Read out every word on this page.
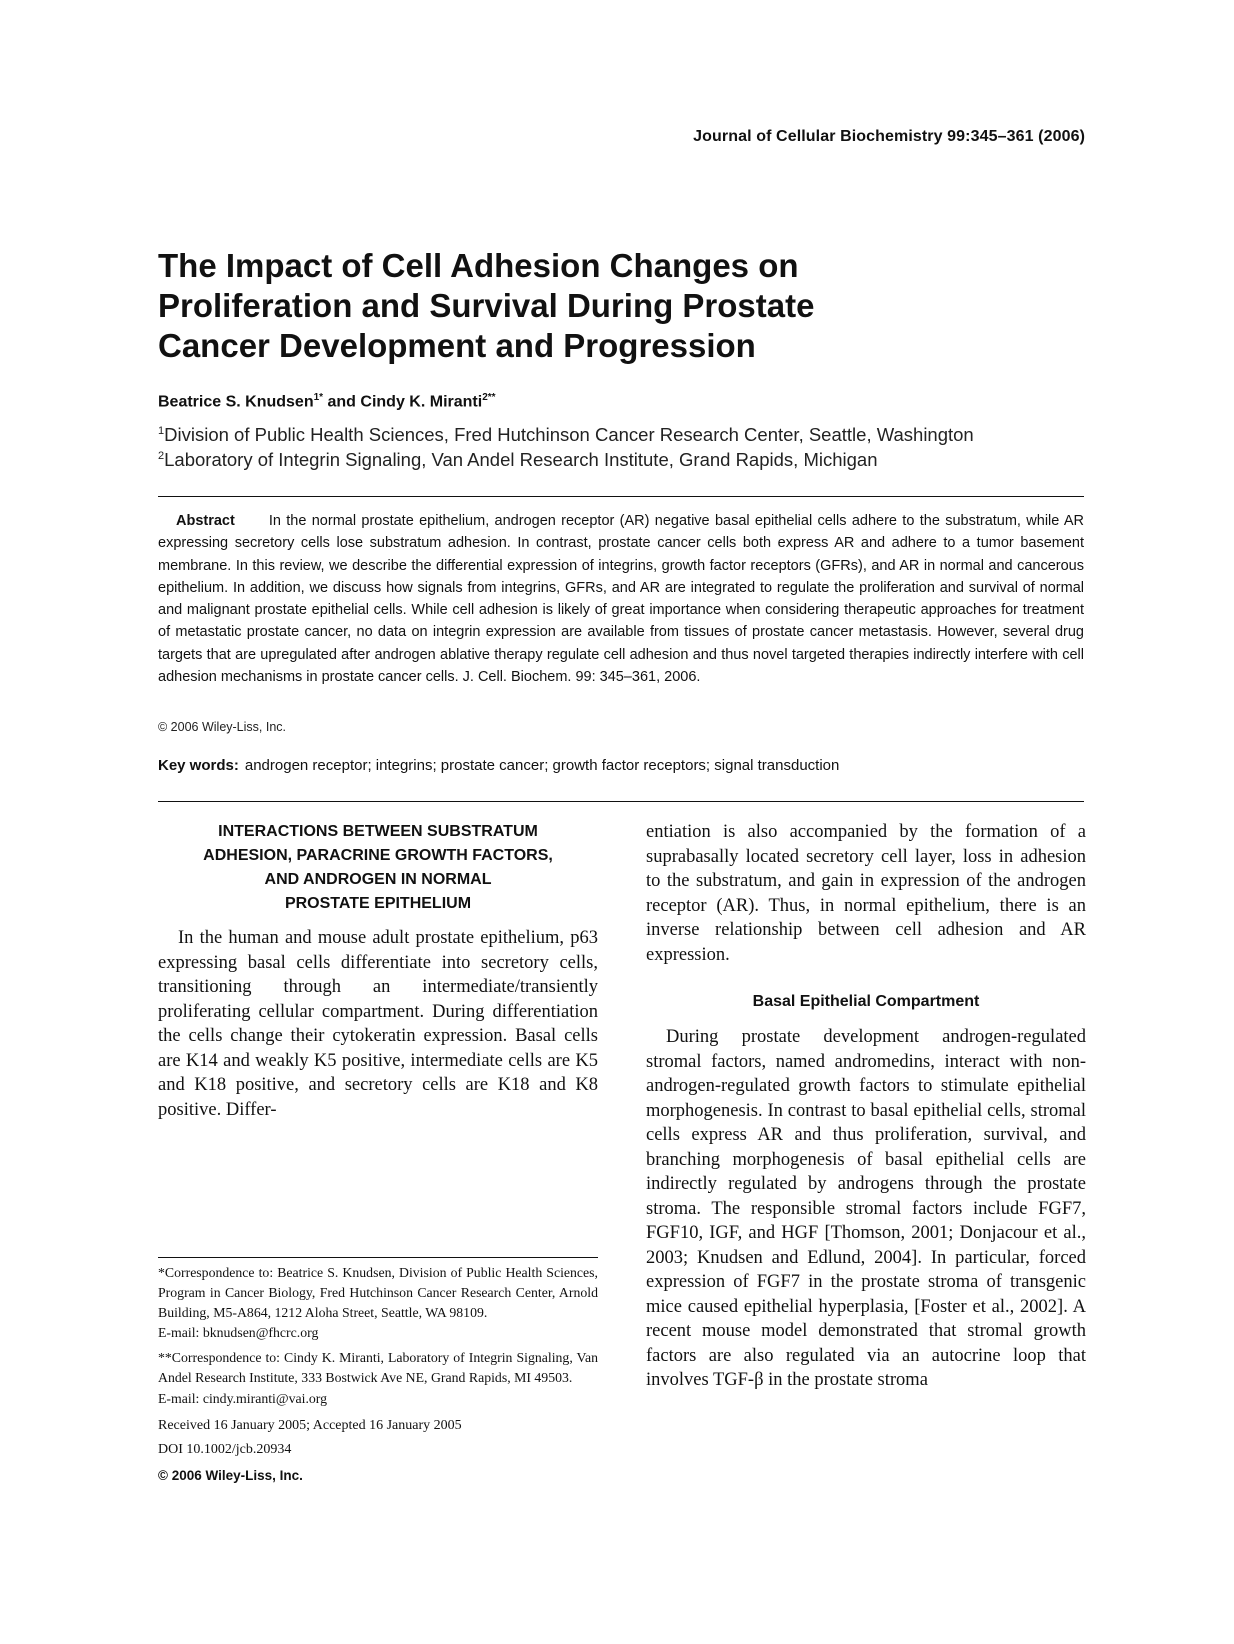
Journal of Cellular Biochemistry 99:345–361 (2006)
The Impact of Cell Adhesion Changes on Proliferation and Survival During Prostate Cancer Development and Progression
Beatrice S. Knudsen$^{1*}$ and Cindy K. Miranti$^{2**}$
$^1$Division of Public Health Sciences, Fred Hutchinson Cancer Research Center, Seattle, Washington
$^2$Laboratory of Integrin Signaling, Van Andel Research Institute, Grand Rapids, Michigan

Abstract In the normal prostate epithelium, androgen receptor (AR) negative basal epithelial cells adhere to the substratum, while AR expressing secretory cells lose substratum adhesion. In contrast, prostate cancer cells both express AR and adhere to a tumor basement membrane. In this review, we describe the differential expression of integrins, growth factor receptors (GFRs), and AR in normal and cancerous epithelium. In addition, we discuss how signals from integrins, GFRs, and AR are integrated to regulate the proliferation and survival of normal and malignant prostate epithelial cells. While cell adhesion is likely of great importance when considering therapeutic approaches for treatment of metastatic prostate cancer, no data on integrin expression are available from tissues of prostate cancer metastasis. However, several drug targets that are upregulated after androgen ablative therapy regulate cell adhesion and thus novel targeted therapies indirectly interfere with cell adhesion mechanisms in prostate cancer cells. J. Cell. Biochem. 99: 345–361, 2006.

© 2006 Wiley-Liss, Inc.
Key words: androgen receptor; integrins; prostate cancer; growth factor receptors; signal transduction
INTERACTIONS BETWEEN SUBSTRATUM
ADHESION, PARACRINE GROWTH FACTORS,
AND ANDROGEN IN NORMAL
PROSTATE EPITHELIUM

In the human and mouse adult prostate epithelium, p63 expressing basal cells differentiate into secretory cells, transitioning through an intermediate/transiently proliferating cellular compartment. During differentiation the cells change their cytokeratin expression. Basal cells are K14 and weakly K5 positive, intermediate cells are K5 and K18 positive, and secretory cells are K18 and K8 positive. Differ-

*Correspondence to: Beatrice S. Knudsen, Division of Public Health Sciences, Program in Cancer Biology, Fred Hutchinson Cancer Research Center, Arnold Building, M5-A864, 1212 Aloha Street, Seattle, WA 98109.

E-mail: bknudsen@fhcrc.org

**Correspondence to: Cindy K. Miranti, Laboratory of Integrin Signaling, Van Andel Research Institute, 333 Bostwick Ave NE, Grand Rapids, MI 49503.

E-mail: cindy.miranti@vai.org

Received 16 January 2005; Accepted 16 January 2005

DOI 10.1002/jcb.20934

© 2006 Wiley-Liss, Inc.

entiation is also accompanied by the formation of a suprabasally located secretory cell layer, loss in adhesion to the substratum, and gain in expression of the androgen receptor (AR). Thus, in normal epithelium, there is an inverse relationship between cell adhesion and AR expression.

Basal Epithelial Compartment

During prostate development androgen-regulated stromal factors, named andromedins, interact with non-androgen-regulated growth factors to stimulate epithelial morphogenesis. In contrast to basal epithelial cells, stromal cells express AR and thus proliferation, survival, and branching morphogenesis of basal epithelial cells are indirectly regulated by androgens through the prostate stroma. The responsible stromal factors include FGF7, FGF10, IGF, and HGF [Thomson, 2001; Donjacour et al., 2003; Knudsen and Edlund, 2004]. In particular, forced expression of FGF7 in the prostate stroma of transgenic mice caused epithelial hyperplasia, [Foster et al., 2002]. A recent mouse model demonstrated that stromal growth factors are also regulated via an autocrine loop that involves TGF-β in the prostate stroma
